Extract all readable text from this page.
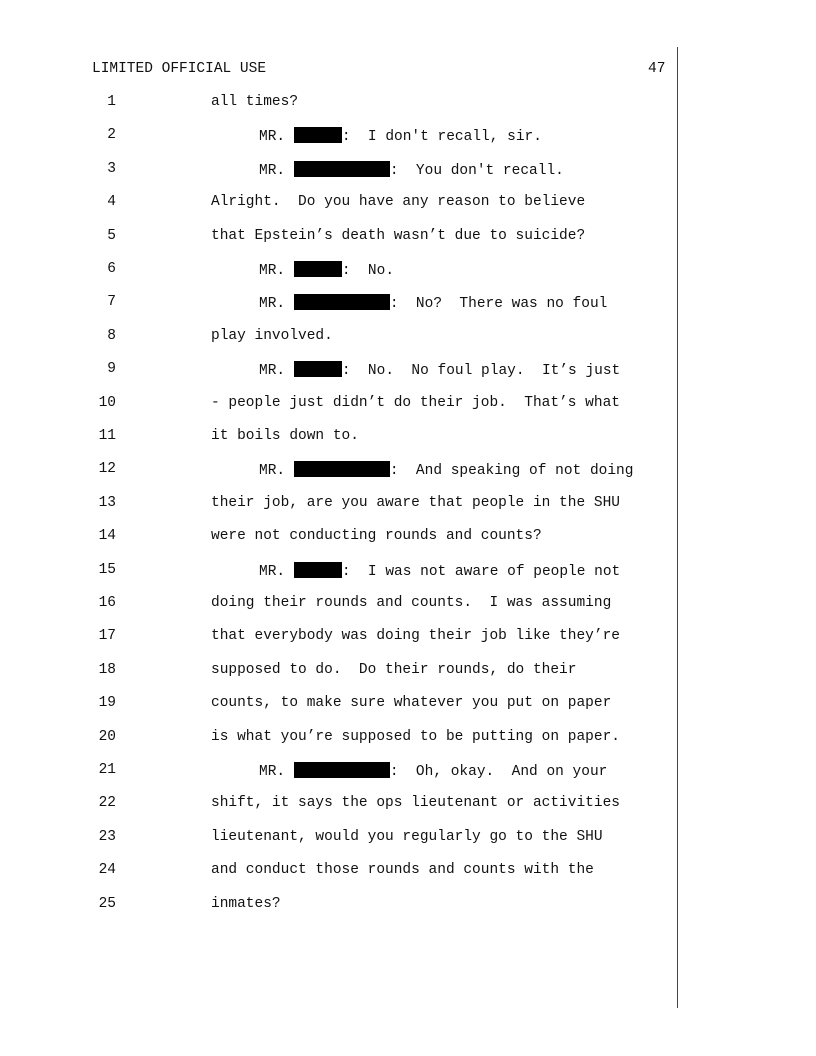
LIMITED OFFICIAL USE	47
1	all times?
2	MR.	:  I don't recall, sir.
3	MR.	:  You don't recall.
4	Alright.  Do you have any reason to believe
5	that Epstein’s death wasn’t due to suicide?
6	MR.	:  No.
7	MR.	:  No?  There was no foul
8	play involved.
9	MR.	:  No.  No foul play.  It’s just
10	- people just didn’t do their job.  That’s what
11	it boils down to.
12	MR.	:  And speaking of not doing
13	their job, are you aware that people in the SHU
14	were not conducting rounds and counts?
15	MR.	:  I was not aware of people not
16	doing their rounds and counts.  I was assuming
17	that everybody was doing their job like they’re
18	supposed to do.  Do their rounds, do their
19	counts, to make sure whatever you put on paper
20	is what you’re supposed to be putting on paper.
21	MR.	:  Oh, okay.  And on your
22	shift, it says the ops lieutenant or activities
23	lieutenant, would you regularly go to the SHU
24	and conduct those rounds and counts with the
25	inmates?
